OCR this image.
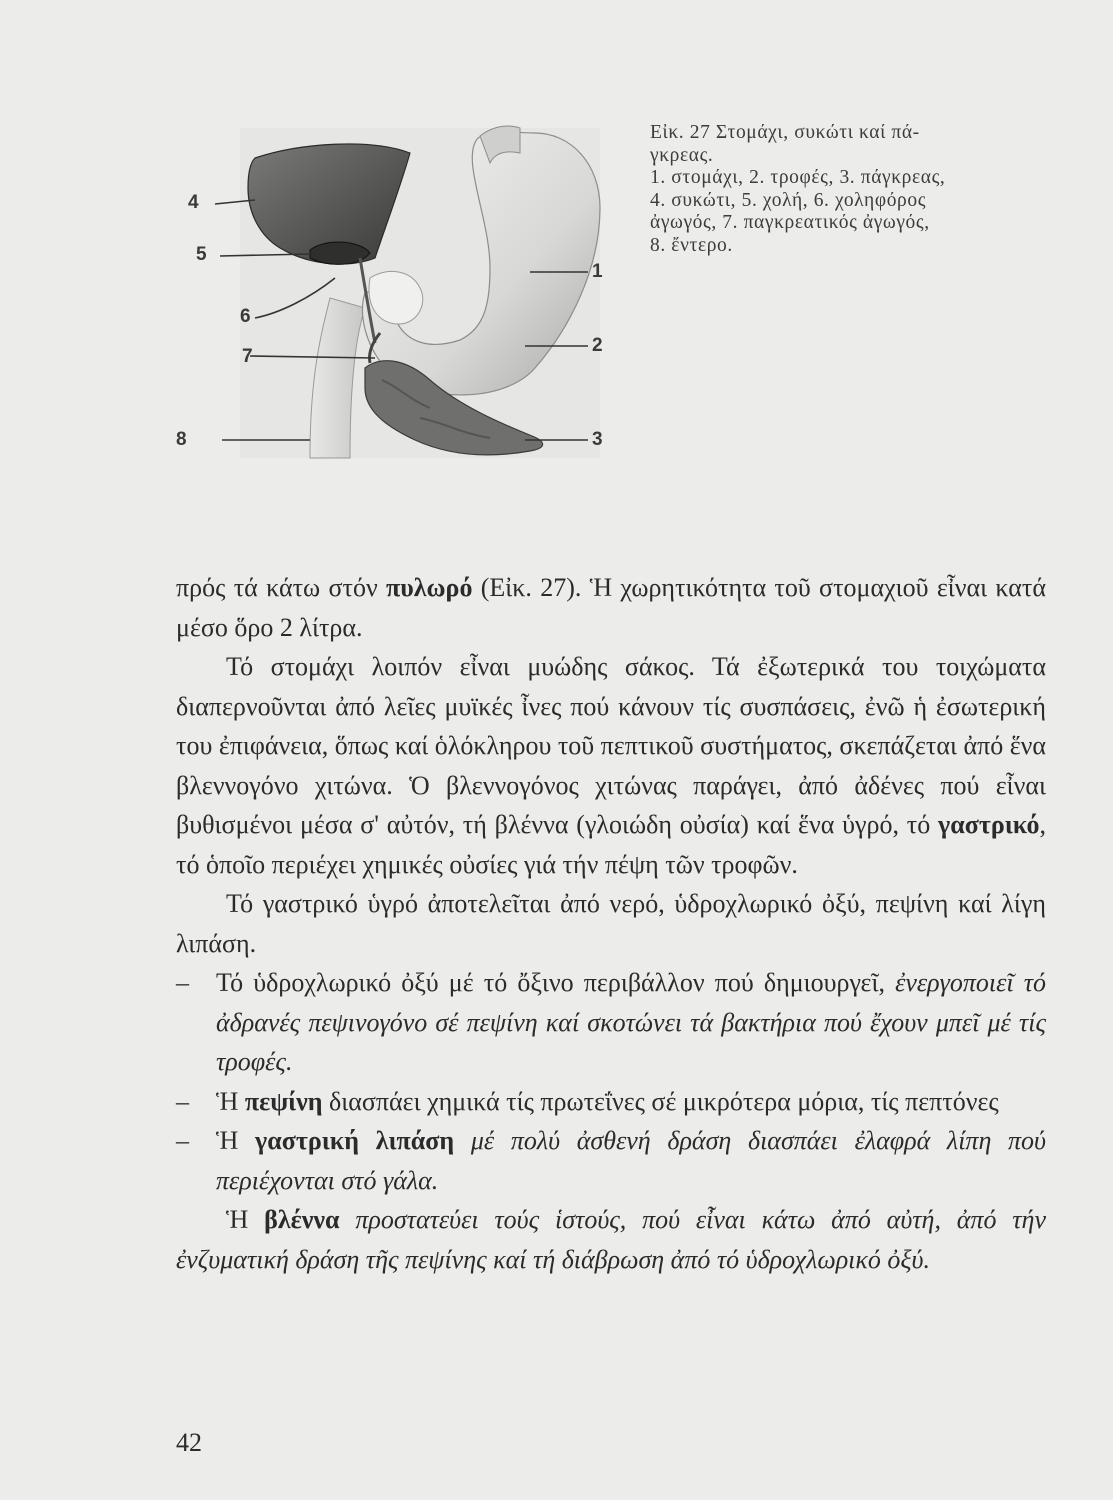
4
5
6
7
8
1
2
3
Εἰκ. 27 Στομάχι, συκώτι καί πά-
γκρεας.
1. στομάχι, 2. τροφές, 3. πάγκρεας,
4. συκώτι, 5. χολή, 6. χοληφόρος
ἀγωγός, 7. παγκρεατικός ἀγωγός,
8. ἔντερο.

πρός τά κάτω στόν πυλωρό (Εἰκ. 27). Ἡ χωρητικότητα τοῦ στομαχιοῦ εἶναι κατά μέσο ὅρο 2 λίτρα.

Τό στομάχι λοιπόν εἶναι μυώδης σάκος. Τά ἐξωτερικά του τοιχώματα διαπερνοῦνται ἀπό λεῖες μυϊκές ἶνες πού κάνουν τίς συσπάσεις, ἐνῶ ἡ ἐσωτερική του ἐπιφάνεια, ὅπως καί ὁλόκληρου τοῦ πεπτικοῦ συστήματος, σκεπάζεται ἀπό ἕνα βλεννογόνο χιτώνα. Ὁ βλεννογόνος χιτώνας παράγει, ἀπό ἀδένες πού εἶναι βυθισμένοι μέσα σ' αὐτόν, τή βλέννα (γλοιώδη οὐσία) καί ἕνα ὑγρό, τό γαστρικό, τό ὁποῖο περιέχει χημικές οὐσίες γιά τήν πέψη τῶν τροφῶν.

Τό γαστρικό ὑγρό ἀποτελεῖται ἀπό νερό, ὑδροχλωρικό ὀξύ, πεψίνη καί λίγη λιπάση.

– Τό ὑδροχλωρικό ὀξύ μέ τό ὄξινο περιβάλλον πού δημιουργεῖ, ἐνεργοποιεῖ τό ἀδρανές πεψινογόνο σέ πεψίνη καί σκοτώνει τά βακτήρια πού ἔχουν μπεῖ μέ τίς τροφές.

– Ἡ πεψίνη διασπάει χημικά τίς πρωτεΐνες σέ μικρότερα μόρια, τίς πεπτόνες

– Ἡ γαστρική λιπάση μέ πολύ ἀσθενή δράση διασπάει ἐλαφρά λίπη πού περιέχονται στό γάλα.

Ἡ βλέννα προστατεύει τούς ἱστούς, πού εἶναι κάτω ἀπό αὐτή, ἀπό τήν ἐνζυματική δράση τῆς πεψίνης καί τή διάβρωση ἀπό τό ὑδροχλωρικό ὀξύ.

42
